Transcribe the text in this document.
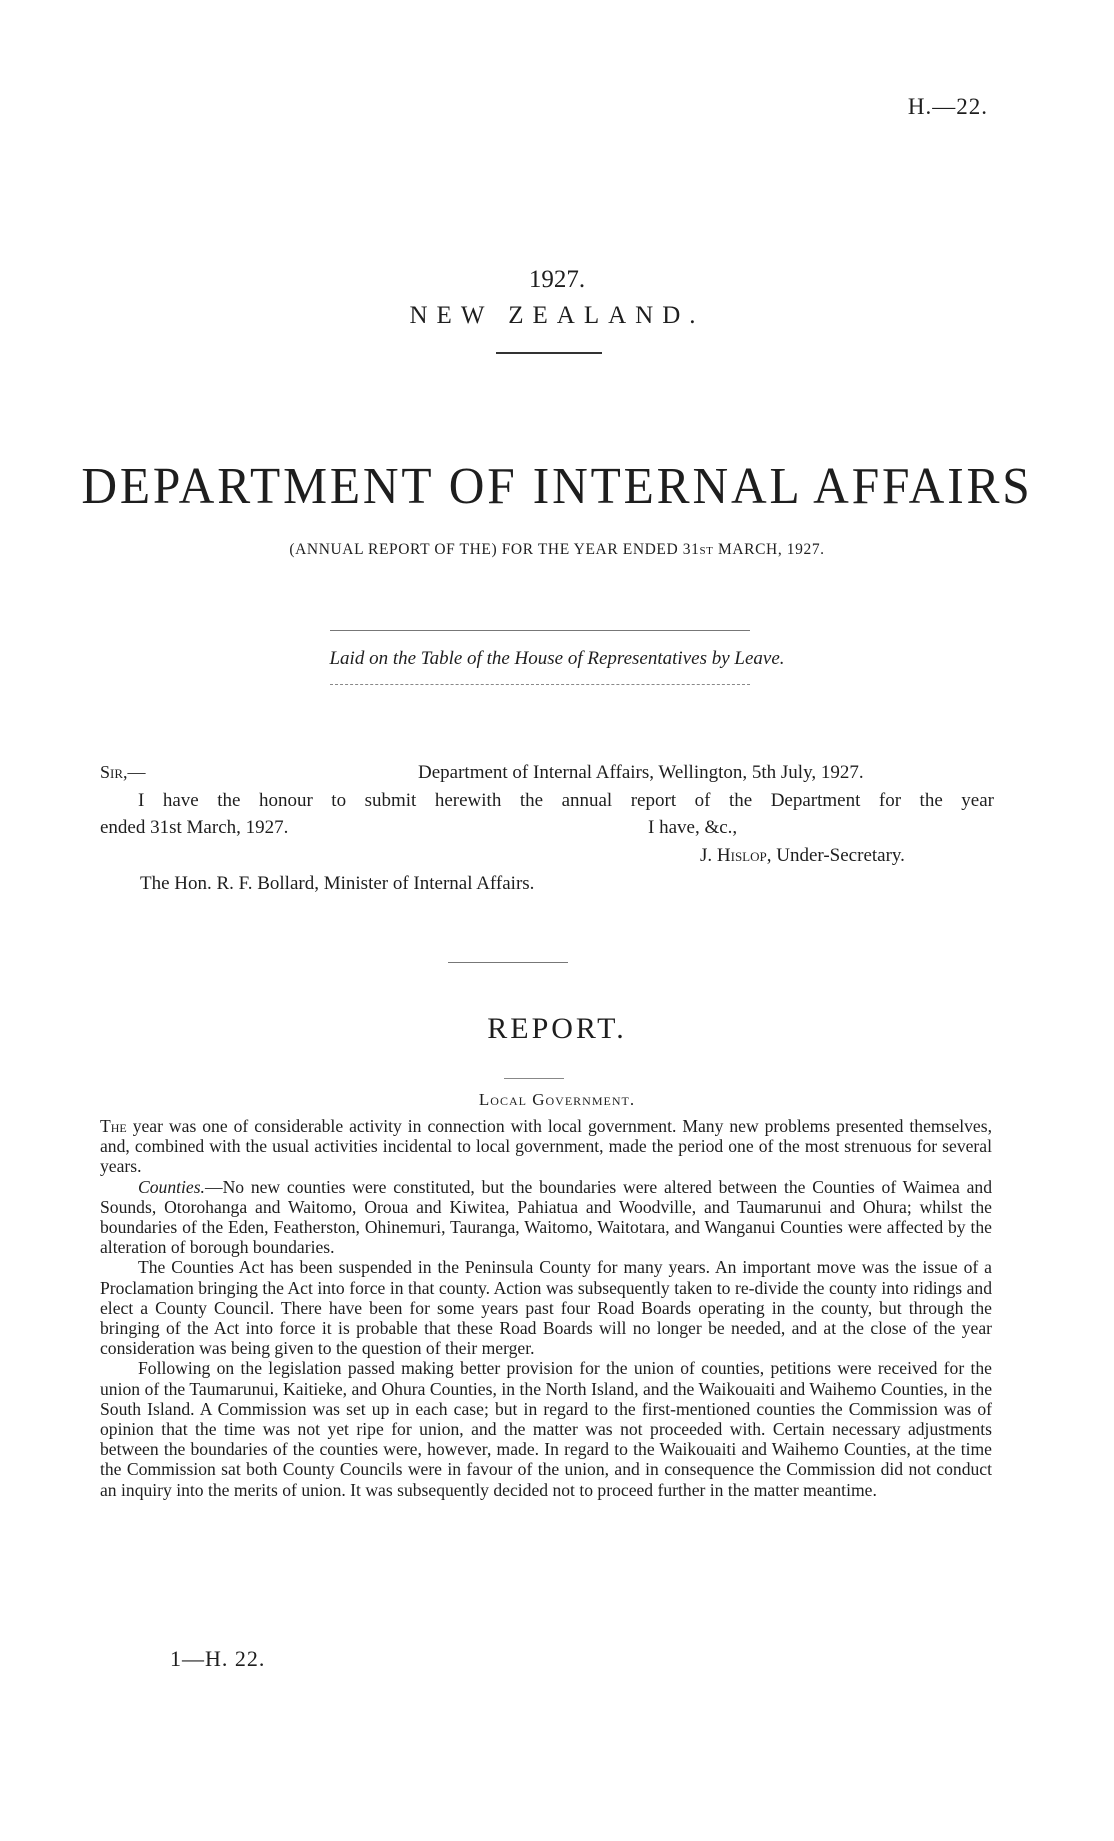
H.—22.
1927.
NEW ZEALAND.
DEPARTMENT OF INTERNAL AFFAIRS
(ANNUAL REPORT OF THE) FOR THE YEAR ENDED 31ST MARCH, 1927.
Laid on the Table of the House of Representatives by Leave.
Sir,—	Department of Internal Affairs, Wellington, 5th July, 1927.
I have the honour to submit herewith the annual report of the Department for the year
ended 31st March, 1927.	I have, &c.,
J. Hislop, Under-Secretary.
The Hon. R. F. Bollard, Minister of Internal Affairs.
REPORT.
Local Government.

The year was one of considerable activity in connection with local government. Many new problems presented themselves, and, combined with the usual activities incidental to local government, made the period one of the most strenuous for several years.

Counties.—No new counties were constituted, but the boundaries were altered between the Counties of Waimea and Sounds, Otorohanga and Waitomo, Oroua and Kiwitea, Pahiatua and Woodville, and Taumarunui and Ohura; whilst the boundaries of the Eden, Featherston, Ohinemuri, Tauranga, Waitomo, Waitotara, and Wanganui Counties were affected by the alteration of borough boundaries.

The Counties Act has been suspended in the Peninsula County for many years. An important move was the issue of a Proclamation bringing the Act into force in that county. Action was subsequently taken to re-divide the county into ridings and elect a County Council. There have been for some years past four Road Boards operating in the county, but through the bringing of the Act into force it is probable that these Road Boards will no longer be needed, and at the close of the year consideration was being given to the question of their merger.

Following on the legislation passed making better provision for the union of counties, petitions were received for the union of the Taumarunui, Kaitieke, and Ohura Counties, in the North Island, and the Waikouaiti and Waihemo Counties, in the South Island. A Commission was set up in each case; but in regard to the first-mentioned counties the Commission was of opinion that the time was not yet ripe for union, and the matter was not proceeded with. Certain necessary adjustments between the boundaries of the counties were, however, made. In regard to the Waikouaiti and Waihemo Counties, at the time the Commission sat both County Councils were in favour of the union, and in consequence the Commission did not conduct an inquiry into the merits of union. It was subsequently decided not to proceed further in the matter meantime.

1—H. 22.
